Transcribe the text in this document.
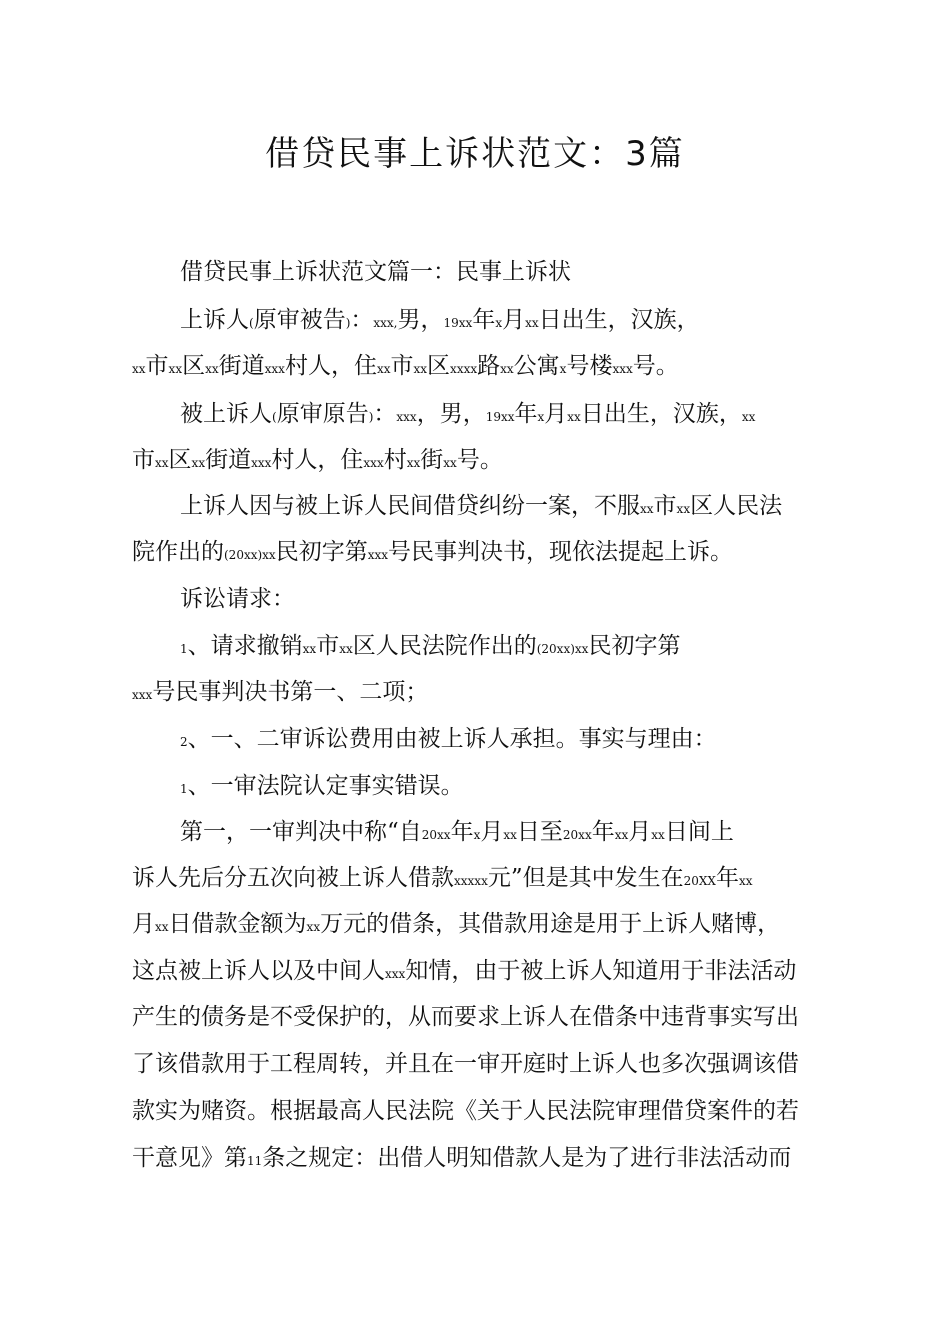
借贷民事上诉状范文：3篇

借贷民事上诉状范文篇一：民事上诉状

上诉人(原审被告)：xxx,男，19xx年x月xx日出生，汉族，

xx市xx区xx街道xxx村人，住xx市xx区xxxx路xx公寓x号楼xxx号。

被上诉人(原审原告)：xxx，男，19xx年x月xx日出生，汉族，xx

市xx区xx街道xxx村人，住xxx村xx街xx号。

上诉人因与被上诉人民间借贷纠纷一案，不服xx市xx区人民法

院作出的(20xx)xx民初字第xxx号民事判决书，现依法提起上诉。

诉讼请求：

1、请求撤销xx市xx区人民法院作出的(20xx)xx民初字第

xxx号民事判决书第一、二项；

2、一、二审诉讼费用由被上诉人承担。事实与理由：

1、一审法院认定事实错误。

第一，一审判决中称“自20xx年x月xx日至20xx年xx月xx日间上

诉人先后分五次向被上诉人借款xxxxx元”但是其中发生在20XX年xx

月xx日借款金额为xx万元的借条，其借款用途是用于上诉人赌博，

这点被上诉人以及中间人xxx知情，由于被上诉人知道用于非法活动

产生的债务是不受保护的，从而要求上诉人在借条中违背事实写出

了该借款用于工程周转，并且在一审开庭时上诉人也多次强调该借

款实为赌资。根据最高人民法院《关于人民法院审理借贷案件的若

干意见》第11条之规定：出借人明知借款人是为了进行非法活动而
